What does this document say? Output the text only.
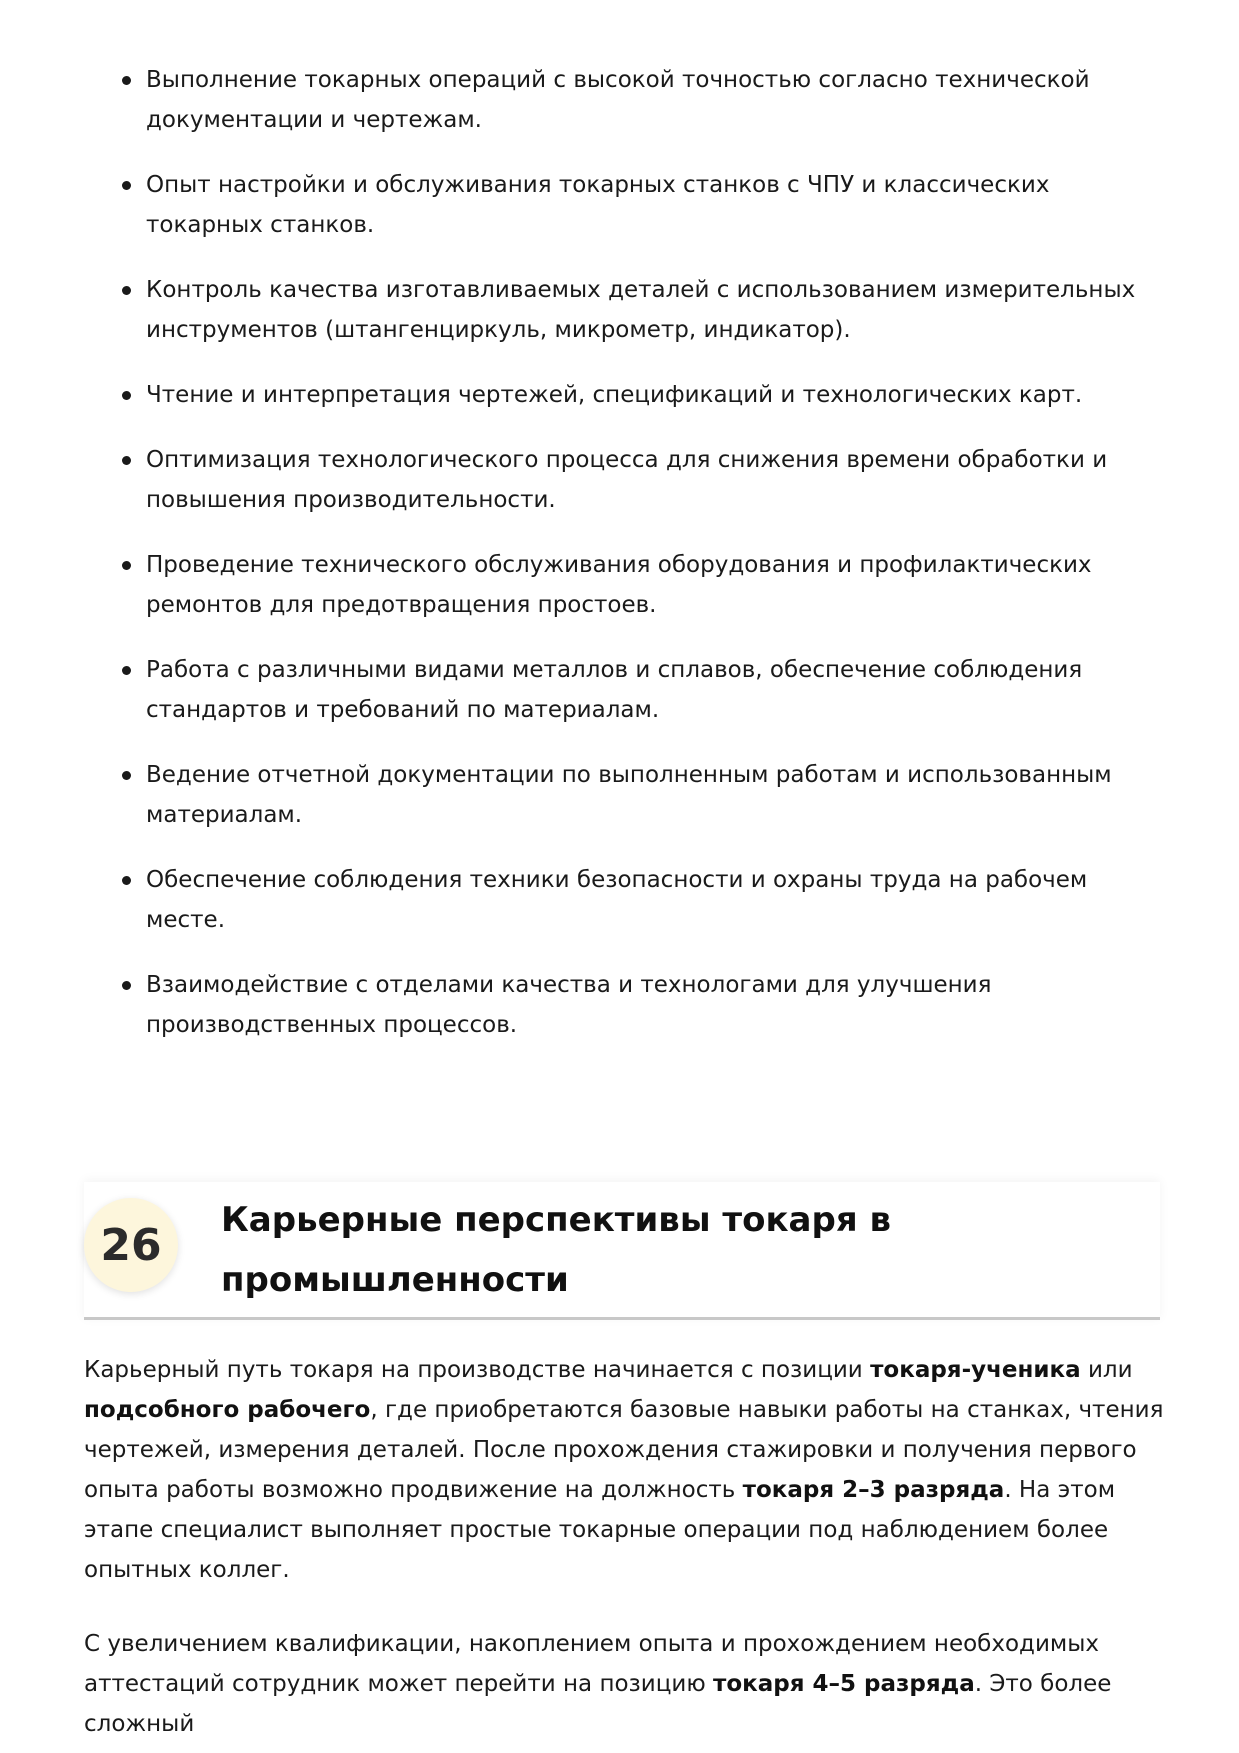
Выполнение токарных операций с высокой точностью согласно технической документации и чертежам.
Опыт настройки и обслуживания токарных станков с ЧПУ и классических токарных станков.
Контроль качества изготавливаемых деталей с использованием измерительных инструментов (штангенциркуль, микрометр, индикатор).
Чтение и интерпретация чертежей, спецификаций и технологических карт.
Оптимизация технологического процесса для снижения времени обработки и повышения производительности.
Проведение технического обслуживания оборудования и профилактических ремонтов для предотвращения простоев.
Работа с различными видами металлов и сплавов, обеспечение соблюдения стандартов и требований по материалам.
Ведение отчетной документации по выполненным работам и использованным материалам.
Обеспечение соблюдения техники безопасности и охраны труда на рабочем месте.
Взаимодействие с отделами качества и технологами для улучшения производственных процессов.
26	Карьерные перспективы токаря в промышленности

Карьерный путь токаря на производстве начинается с позиции токаря-ученика или подсобного рабочего, где приобретаются базовые навыки работы на станках, чтения чертежей, измерения деталей. После прохождения стажировки и получения первого опыта работы возможно продвижение на должность токаря 2–3 разряда. На этом этапе специалист выполняет простые токарные операции под наблюдением более опытных коллег.

С увеличением квалификации, накоплением опыта и прохождением необходимых аттестаций сотрудник может перейти на позицию токаря 4–5 разряда. Это более сложный
